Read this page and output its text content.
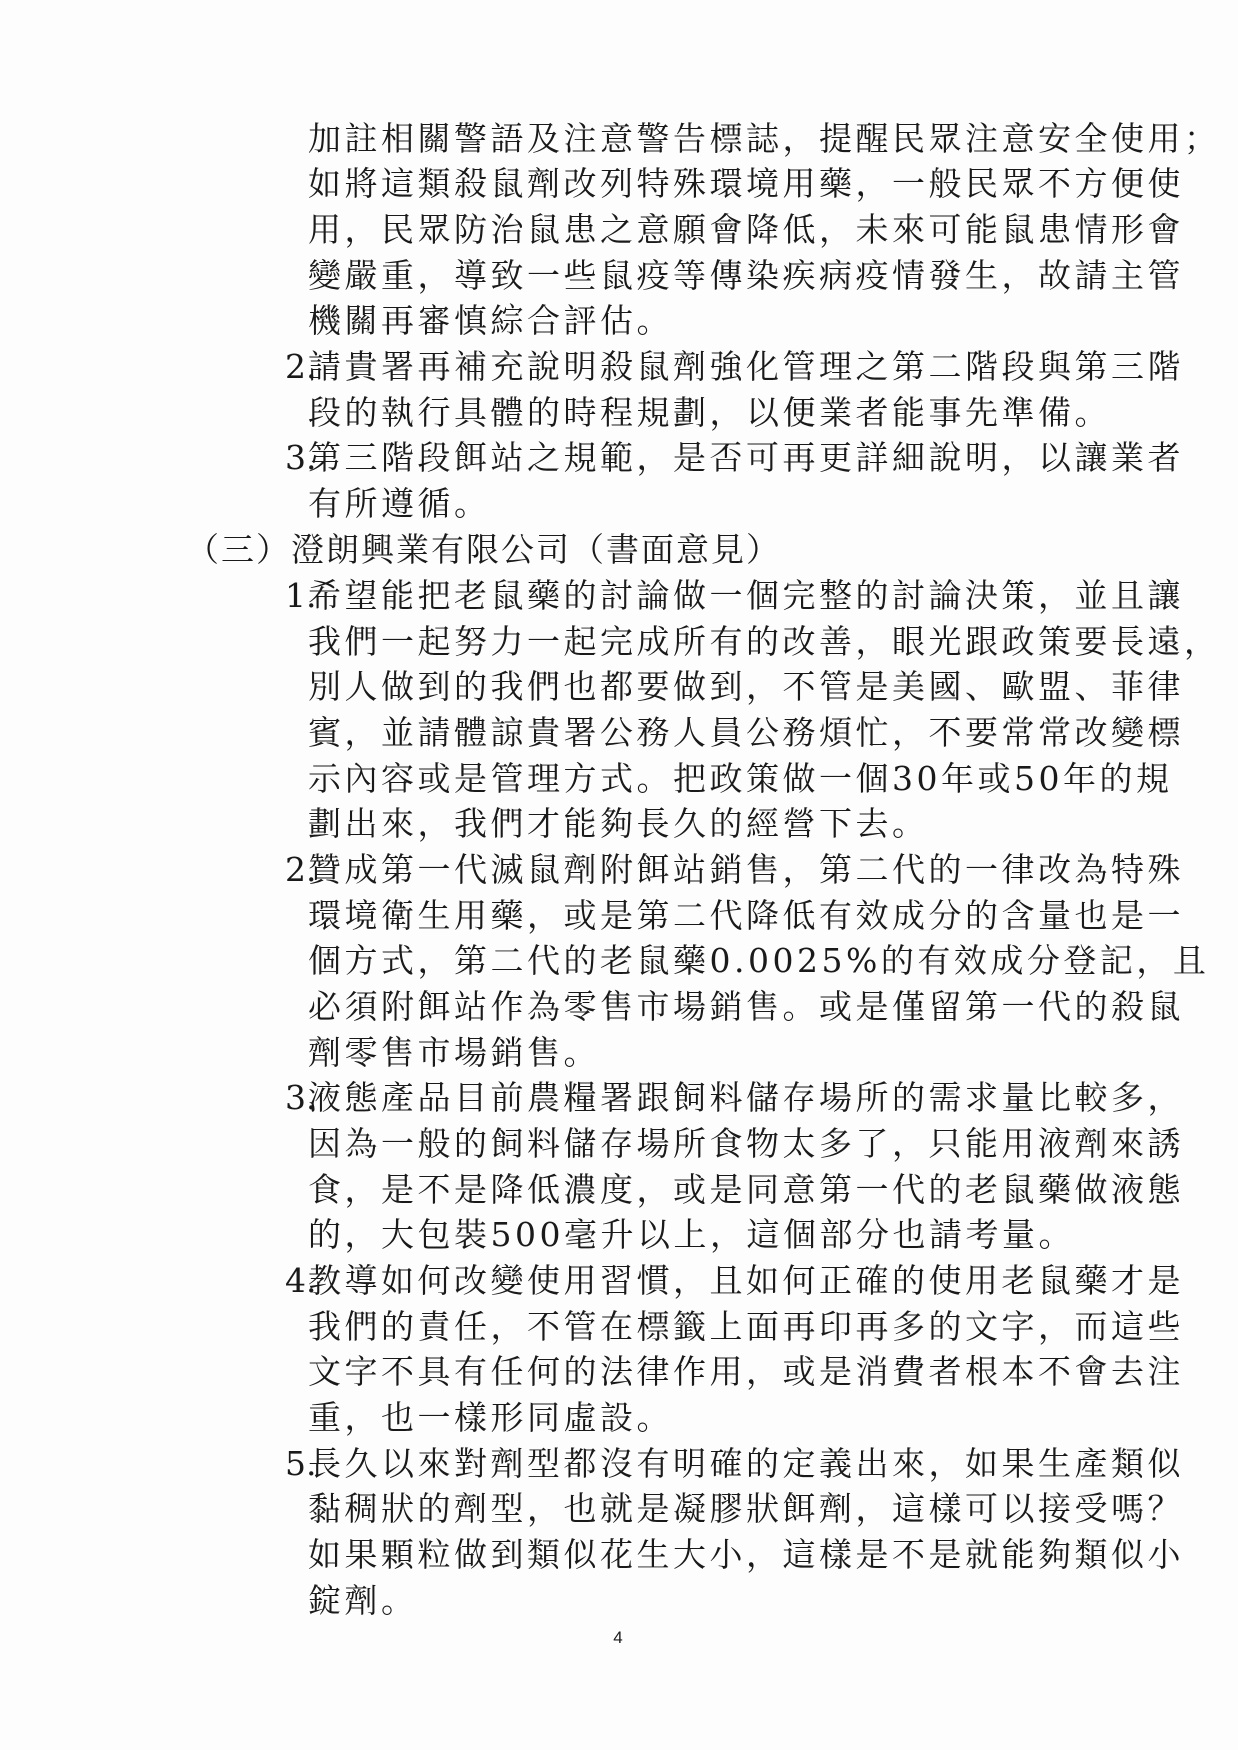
加註相關警語及注意警告標誌，提醒民眾注意安全使用；
如將這類殺鼠劑改列特殊環境用藥，一般民眾不方便使
用，民眾防治鼠患之意願會降低，未來可能鼠患情形會
變嚴重，導致一些鼠疫等傳染疾病疫情發生，故請主管
機關再審慎綜合評估。
2.
請貴署再補充說明殺鼠劑強化管理之第二階段與第三階
段的執行具體的時程規劃，以便業者能事先準備。
3.
第三階段餌站之規範，是否可再更詳細說明，以讓業者
有所遵循。
（三）澄朗興業有限公司（書面意見）
1.
希望能把老鼠藥的討論做一個完整的討論決策，並且讓
我們一起努力一起完成所有的改善，眼光跟政策要長遠，
別人做到的我們也都要做到，不管是美國、歐盟、菲律
賓，並請體諒貴署公務人員公務煩忙，不要常常改變標
示內容或是管理方式。把政策做一個30年或50年的規
劃出來，我們才能夠長久的經營下去。
2.
贊成第一代滅鼠劑附餌站銷售，第二代的一律改為特殊
環境衛生用藥，或是第二代降低有效成分的含量也是一
個方式，第二代的老鼠藥0.0025%的有效成分登記，且
必須附餌站作為零售市場銷售。或是僅留第一代的殺鼠
劑零售市場銷售。
3.
液態產品目前農糧署跟飼料儲存場所的需求量比較多，
因為一般的飼料儲存場所食物太多了，只能用液劑來誘
食，是不是降低濃度，或是同意第一代的老鼠藥做液態
的，大包裝500毫升以上，這個部分也請考量。
4.
教導如何改變使用習慣，且如何正確的使用老鼠藥才是
我們的責任，不管在標籤上面再印再多的文字，而這些
文字不具有任何的法律作用，或是消費者根本不會去注
重，也一樣形同虛設。
5.
長久以來對劑型都沒有明確的定義出來，如果生產類似
黏稠狀的劑型，也就是凝膠狀餌劑，這樣可以接受嗎？
如果顆粒做到類似花生大小，這樣是不是就能夠類似小
錠劑。
4
